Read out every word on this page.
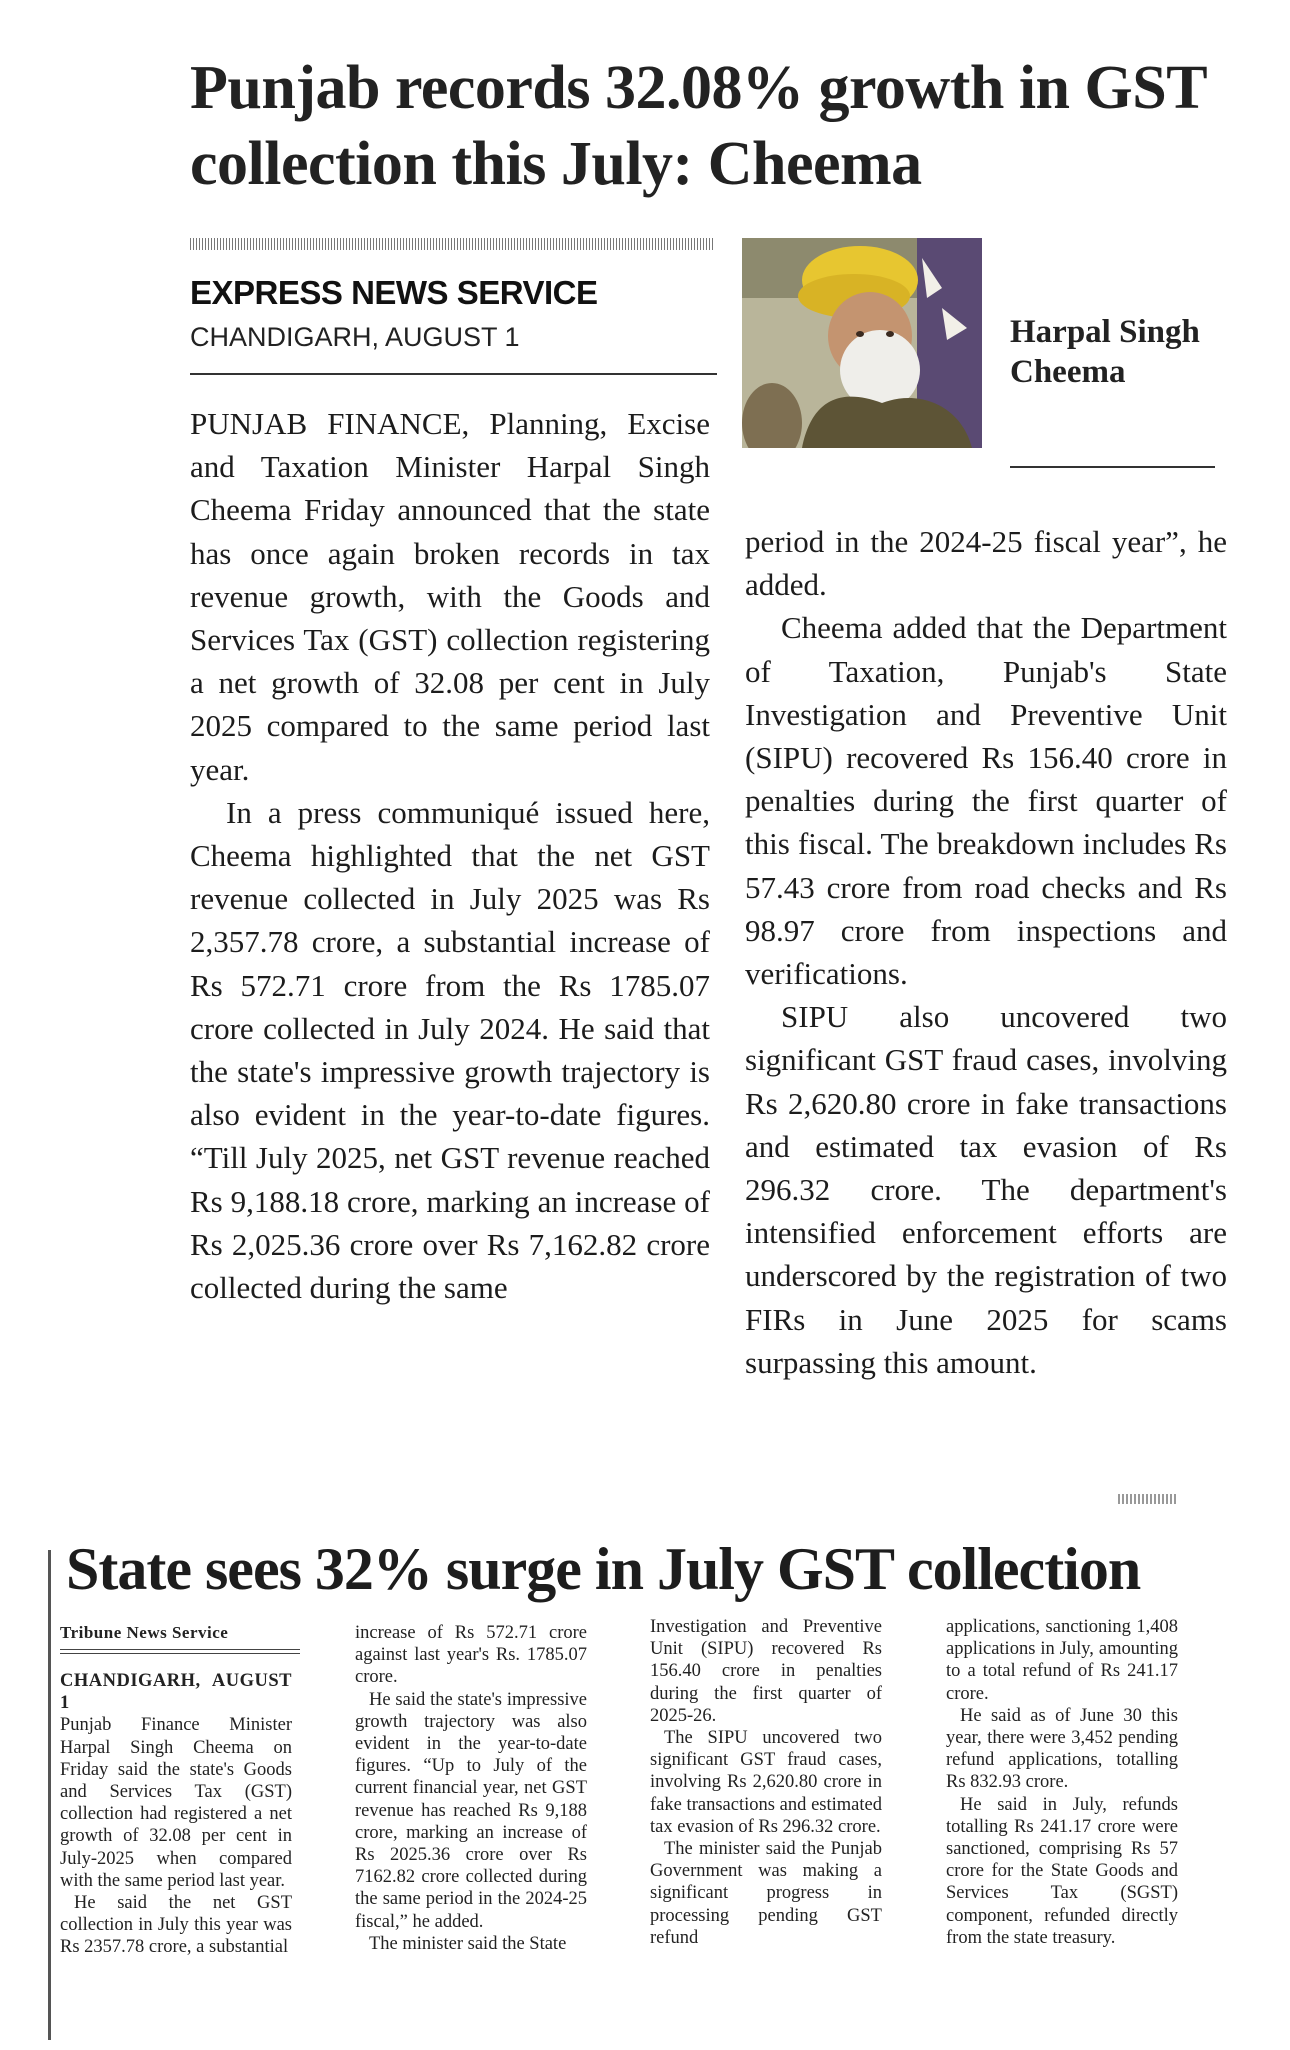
Punjab records 32.08% growth in GST collection this July: Cheema

EXPRESS NEWS SERVICE

CHANDIGARH, AUGUST 1	Harpal Singh Cheema

PUNJAB FINANCE, Planning, Excise and Taxation Minister Harpal Singh Cheema Friday announced that the state has once again broken records in tax revenue growth, with the Goods and Services Tax (GST) collection registering a net growth of 32.08 per cent in July 2025 compared to the same period last year.

In a press communiqué issued here, Cheema highlighted that the net GST revenue collected in July 2025 was Rs 2,357.78 crore, a substantial increase of Rs 572.71 crore from the Rs 1785.07 crore collected in July 2024. He said that the state's impressive growth trajectory is also evident in the year-to-date figures. “Till July 2025, net GST revenue reached Rs 9,188.18 crore, marking an increase of Rs 2,025.36 crore over Rs 7,162.82 crore collected during the same

period in the 2024-25 fiscal year”, he added.

Cheema added that the Department of Taxation, Punjab's State Investigation and Preventive Unit (SIPU) recovered Rs 156.40 crore in penalties during the first quarter of this fiscal. The breakdown includes Rs 57.43 crore from road checks and Rs 98.97 crore from inspections and verifications.

SIPU also uncovered two significant GST fraud cases, involving Rs 2,620.80 crore in fake transactions and estimated tax evasion of Rs 296.32 crore. The department's intensified enforcement efforts are underscored by the registration of two FIRs in June 2025 for scams surpassing this amount.

State sees 32% surge in July GST collection

Tribune News Service

CHANDIGARH, AUGUST 1

Punjab Finance Minister Harpal Singh Cheema on Friday said the state's Goods and Services Tax (GST) collection had registered a net growth of 32.08 per cent in July-2025 when compared with the same period last year.

He said the net GST collection in July this year was Rs 2357.78 crore, a substantial

increase of Rs 572.71 crore against last year's Rs. 1785.07 crore.

He said the state's impressive growth trajectory was also evident in the year-to-date figures. “Up to July of the current financial year, net GST revenue has reached Rs 9,188 crore, marking an increase of Rs 2025.36 crore over Rs 7162.82 crore collected during the same period in the 2024-25 fiscal,” he added.

The minister said the State

Investigation and Preventive Unit (SIPU) recovered Rs 156.40 crore in penalties during the first quarter of 2025-26.

The SIPU uncovered two significant GST fraud cases, involving Rs 2,620.80 crore in fake transactions and estimated tax evasion of Rs 296.32 crore.

The minister said the Punjab Government was making a significant progress in processing pending GST refund

applications, sanctioning 1,408 applications in July, amounting to a total refund of Rs 241.17 crore.

He said as of June 30 this year, there were 3,452 pending refund applications, totalling Rs 832.93 crore.

He said in July, refunds totalling Rs 241.17 crore were sanctioned, comprising Rs 57 crore for the State Goods and Services Tax (SGST) component, refunded directly from the state treasury.
